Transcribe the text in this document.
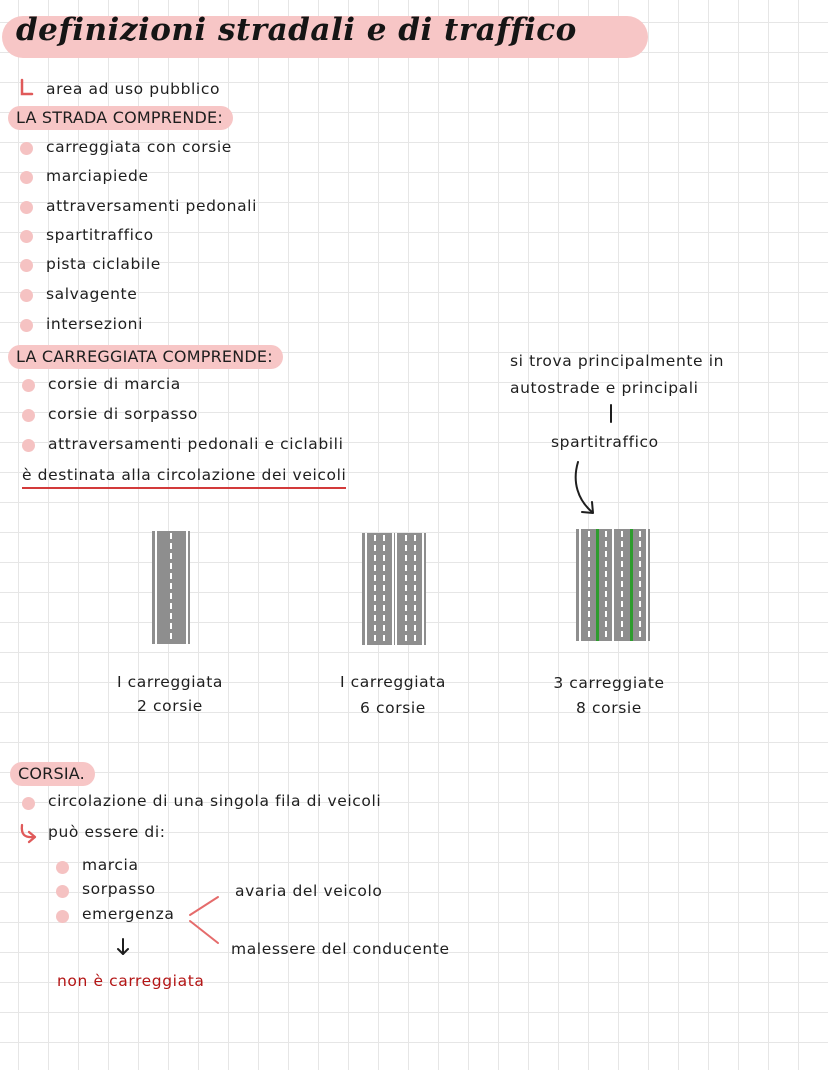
definizioni stradali e di traffico
area ad uso pubblico
LA STRADA COMPRENDE:
carreggiata con corsie
marciapiede
attraversamenti pedonali
spartitraffico
pista ciclabile
salvagente
intersezioni
LA CARREGGIATA COMPRENDE:
corsie di marcia
corsie di sorpasso
attraversamenti pedonali e ciclabili
è destinata alla circolazione dei veicoli
si trova principalmente in
autostrade e principali
spartitraffico
I carreggiata
2 corsie
I carreggiata
6 corsie
3 carreggiate
8 corsie
CORSIA.
circolazione di una singola fila di veicoli
può essere di:
marcia
sorpasso
emergenza
avaria del veicolo
malessere del conducente
non è carreggiata
